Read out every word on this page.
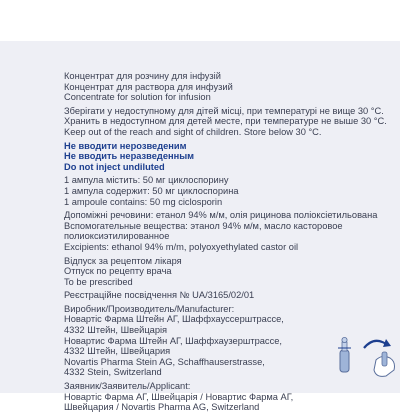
Концентрат для розчину для інфузій
Концентрат для раствора для инфузий
Concentrate for solution for infusion
Зберігати у недоступному для дітей місці, при температурі не вище 30 °C.
Хранить в недоступном для детей месте, при температуре не выше 30 °C.
Keep out of the reach and sight of children. Store below 30 °C.
Не вводити нерозведеним
Не вводить неразведенным
Do not inject undiluted
1 ампула містить: 50 мг циклоспорину
1 ампула содержит: 50 мг циклоспорина
1 ampoule contains: 50 mg ciclosporin
Допоміжні речовини: етанол 94% м/м, олія рицинова поліоксіетильована
Вспомогательные вещества: этанол 94% м/м, масло касторовое
полиоксиэтилированное
Excipients: ethanol 94% m/m, polyoxyethylated castor oil
Відпуск за рецептом лікаря
Отпуск по рецепту врача
To be prescribed
Реєстраційне посвідчення № UA/3165/02/01
Виробник/Производитель/Manufacturer:
Новартіс Фарма Штейн АГ, Шаффхауссерштрассе,
4332 Штейн, Швейцарія
Новартис Фарма Штейн АГ, Шаффхаузерштрассе,
4332 Штейн, Швейцария
Novartis Pharma Stein AG, Schaffhauserstrasse,
4332 Stein, Switzerland
Заявник/Заявитель/Applicant:
Новартіс Фарма АГ, Швейцарія / Новартис Фарма АГ,
Швейцария / Novartis Pharma AG, Switzerland
